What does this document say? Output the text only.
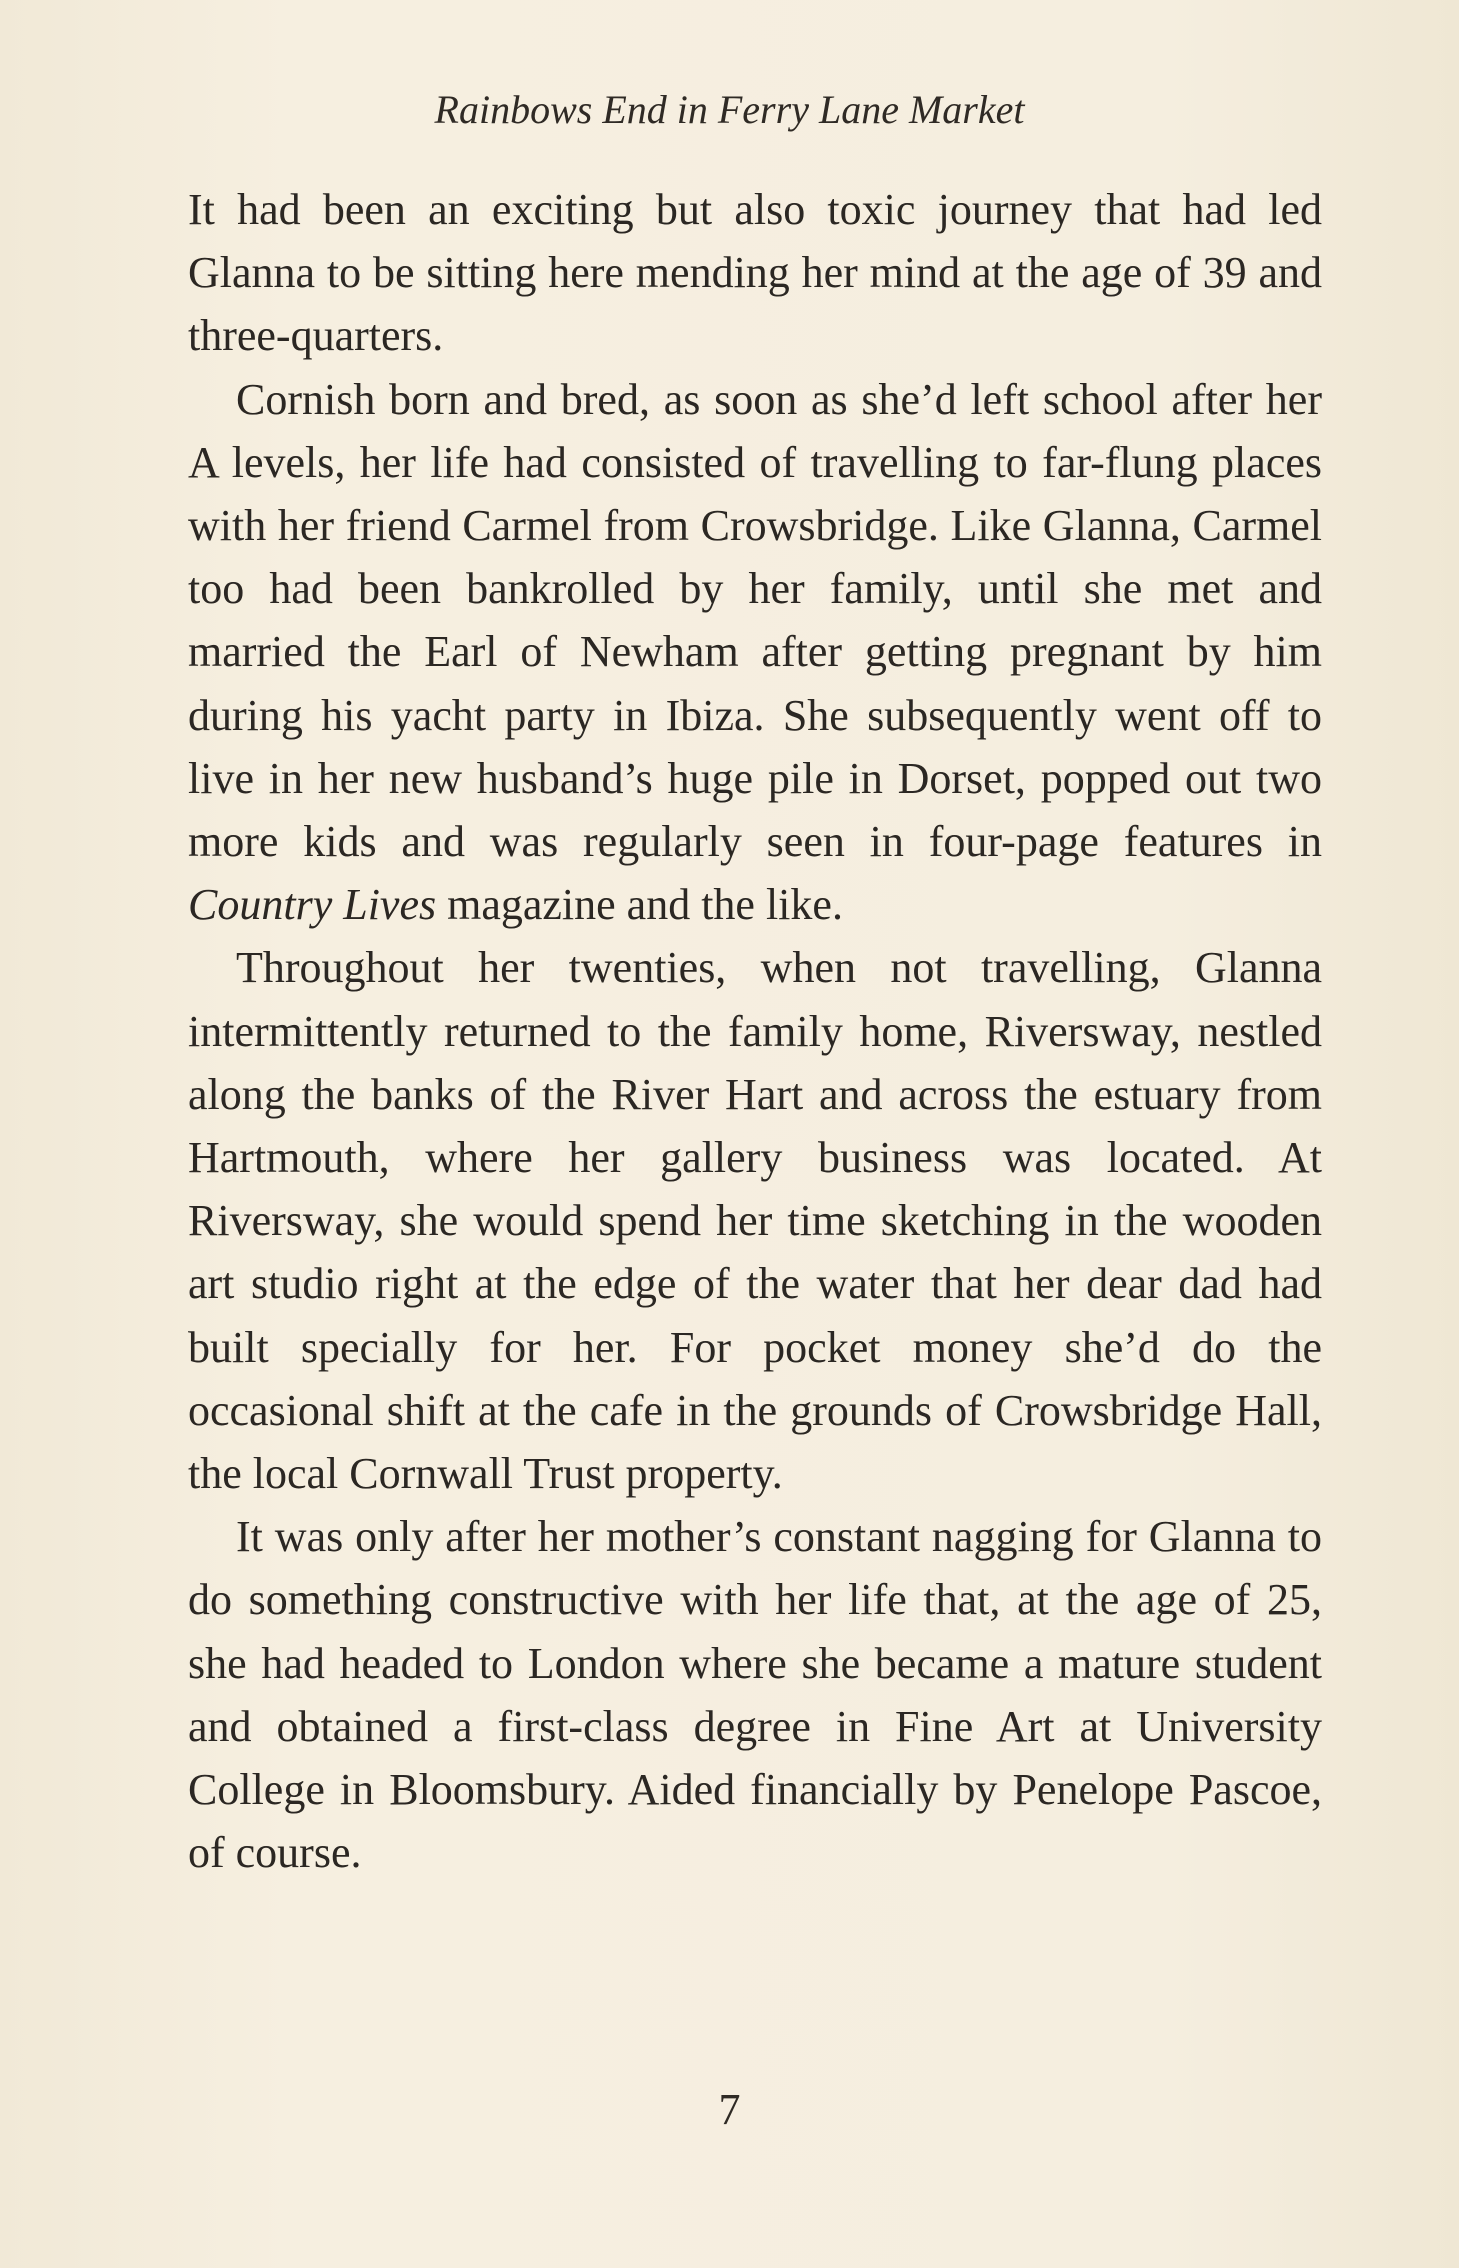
Rainbows End in Ferry Lane Market

It had been an exciting but also toxic journey that had led Glanna to be sitting here mending her mind at the age of 39 and three-quarters.

Cornish born and bred, as soon as she’d left school after her A levels, her life had consisted of travelling to far-flung places with her friend Carmel from Crowsbridge. Like Glanna, Carmel too had been bankrolled by her family, until she met and married the Earl of Newham after getting pregnant by him during his yacht party in Ibiza. She subsequently went off to live in her new husband’s huge pile in Dorset, popped out two more kids and was regularly seen in four-page features in Country Lives magazine and the like.

Throughout her twenties, when not travelling, Glanna intermittently returned to the family home, Riversway, nestled along the banks of the River Hart and across the estuary from Hartmouth, where her gallery business was located. At Riversway, she would spend her time sketching in the wooden art studio right at the edge of the water that her dear dad had built specially for her. For pocket money she’d do the occasional shift at the cafe in the grounds of Crowsbridge Hall, the local Cornwall Trust property.

It was only after her mother’s constant nagging for Glanna to do something constructive with her life that, at the age of 25, she had headed to London where she became a mature student and obtained a first-class degree in Fine Art at University College in Bloomsbury. Aided financially by Penelope Pascoe, of course.

7
